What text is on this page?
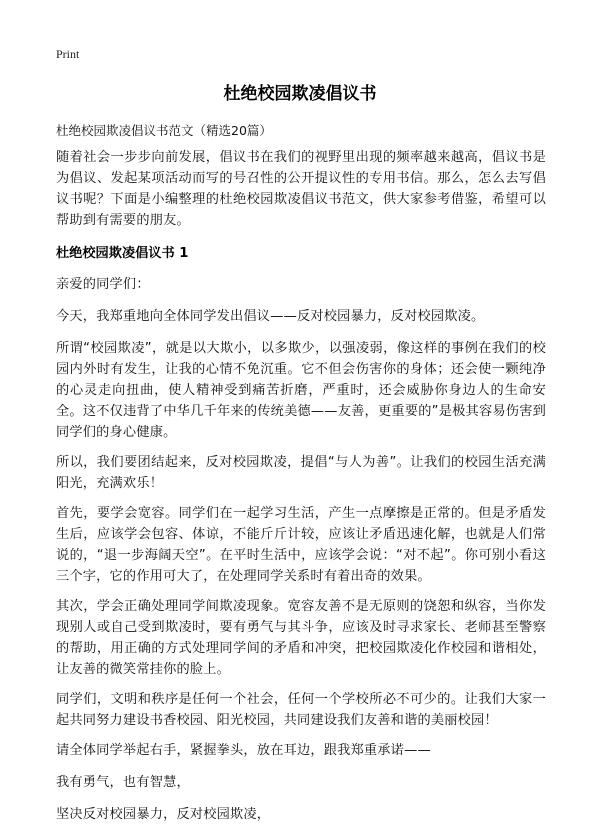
Print
杜绝校园欺凌倡议书
杜绝校园欺凌倡议书范文（精选20篇）

随着社会一步步向前发展，倡议书在我们的视野里出现的频率越来越高，倡议书是为倡议、发起某项活动而写的号召性的公开提议性的专用书信。那么，怎么去写倡议书呢？下面是小编整理的杜绝校园欺凌倡议书范文，供大家参考借鉴，希望可以帮助到有需要的朋友。

杜绝校园欺凌倡议书 1

亲爱的同学们：

今天，我郑重地向全体同学发出倡议——反对校园暴力，反对校园欺凌。

所谓“校园欺凌”，就是以大欺小，以多欺少，以强凌弱，像这样的事例在我们的校园内外时有发生，让我的心情不免沉重。它不但会伤害你的身体；还会使一颗纯净的心灵走向扭曲，使人精神受到痛苦折磨，严重时，还会威胁你身边人的生命安全。这不仅违背了中华几千年来的传统美德——友善，更重要的”是极其容易伤害到同学们的身心健康。

所以，我们要团结起来，反对校园欺凌，提倡“与人为善”。让我们的校园生活充满阳光，充满欢乐！

首先，要学会宽容。同学们在一起学习生活，产生一点摩擦是正常的。但是矛盾发生后，应该学会包容、体谅，不能斤斤计较，应该让矛盾迅速化解，也就是人们常说的，“退一步海阔天空”。在平时生活中，应该学会说：“对不起”。你可别小看这三个字，它的作用可大了，在处理同学关系时有着出奇的效果。

其次，学会正确处理同学间欺凌现象。宽容友善不是无原则的饶恕和纵容，当你发现别人或自己受到欺凌时，要有勇气与其斗争，应该及时寻求家长、老师甚至警察的帮助，用正确的方式处理同学间的矛盾和冲突，把校园欺凌化作校园和谐相处，让友善的微笑常挂你的脸上。

同学们，文明和秩序是任何一个社会，任何一个学校所必不可少的。让我们大家一起共同努力建设书香校园、阳光校园，共同建设我们友善和谐的美丽校园！

请全体同学举起右手，紧握拳头，放在耳边，跟我郑重承诺——

我有勇气，也有智慧，

坚决反对校园暴力，反对校园欺凌，
